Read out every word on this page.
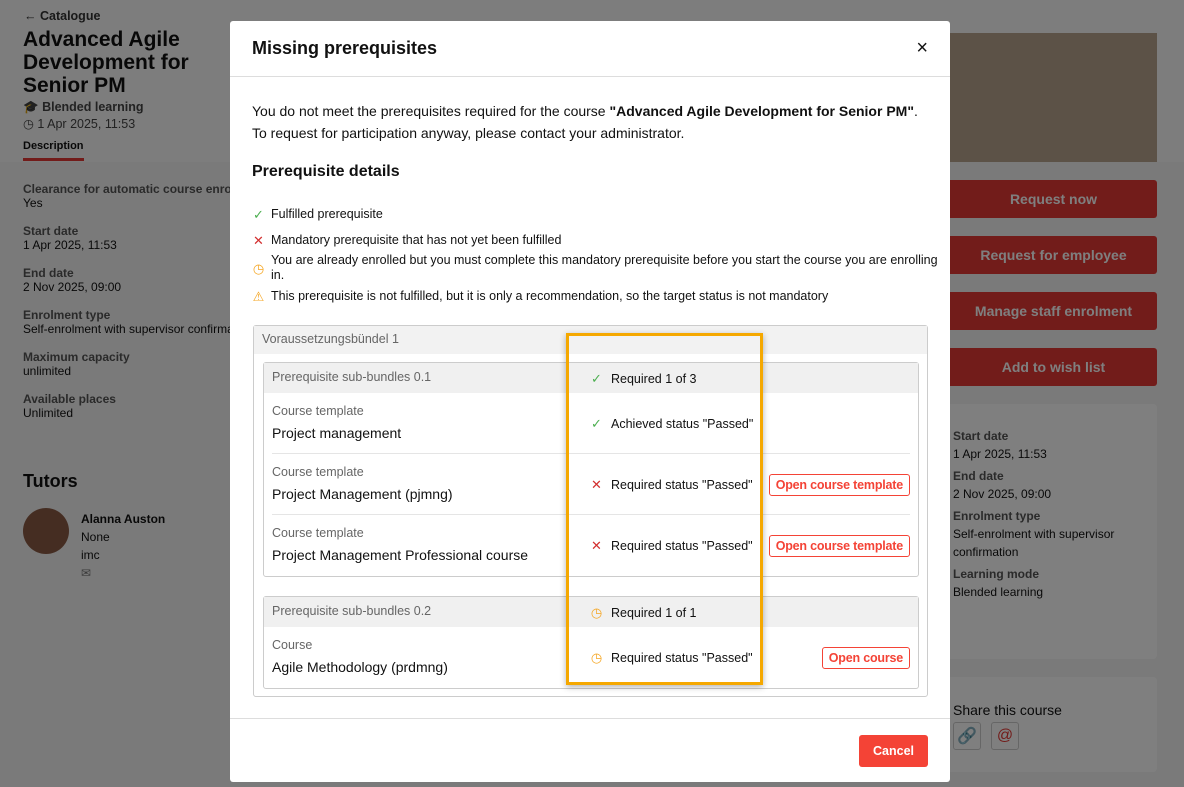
Missing prerequisites	×
You do not meet the prerequisites required for the course "Advanced Agile Development for Senior PM". To request for participation anyway, please contact your administrator.
Prerequisite details
✓ Fulfilled prerequisite
✕ Mandatory prerequisite that has not yet been fulfilled
◷
You are already enrolled but you must complete this mandatory prerequisite before you start the course you are enrolling in.
⚠ This prerequisite is not fulfilled, but it is only a recommendation, so the target status is not mandatory
Voraussetzungsbündel 1
Prerequisite sub-bundles 0.1	✓ Required 1 of 3
Course template
Project management
✓ Achieved status "Passed"
Course template
Project Management (pjmng)
✕ Required status "Passed"	Open course template
Course template
Project Management Professional course
✕ Required status "Passed"	Open course template
Prerequisite sub-bundles 0.2	◷ Required 1 of 1
Course
Agile Methodology (prdmng)
◷ Required status "Passed"	Open course
Cancel
